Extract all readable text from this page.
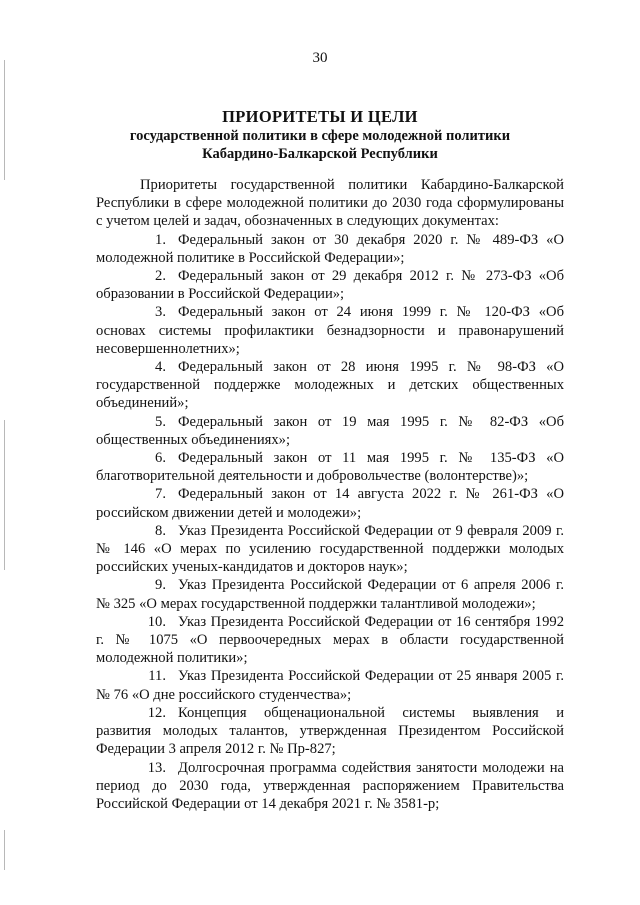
30
ПРИОРИТЕТЫ И ЦЕЛИ
государственной политики в сфере молодежной политики
Кабардино-Балкарской Республики

Приоритеты государственной политики Кабардино-Балкарской Республики в сфере молодежной политики до 2030 года сформулированы с учетом целей и задач, обозначенных в следующих документах:

1. Федеральный закон от 30 декабря 2020 г. № 489-ФЗ «О молодежной политике в Российской Федерации»;
2. Федеральный закон от 29 декабря 2012 г. № 273-ФЗ «Об образовании в Российской Федерации»;
3. Федеральный закон от 24 июня 1999 г. № 120-ФЗ «Об основах системы профилактики безнадзорности и правонарушений несовершеннолетних»;
4. Федеральный закон от 28 июня 1995 г. № 98-ФЗ «О государственной поддержке молодежных и детских общественных объединений»;
5. Федеральный закон от 19 мая 1995 г. № 82-ФЗ «Об общественных объединениях»;
6. Федеральный закон от 11 мая 1995 г. № 135-ФЗ «О благотворительной деятельности и добровольчестве (волонтерстве)»;
7. Федеральный закон от 14 августа 2022 г. № 261-ФЗ «О российском движении детей и молодежи»;
8. Указ Президента Российской Федерации от 9 февраля 2009 г. № 146 «О мерах по усилению государственной поддержки молодых российских ученых-кандидатов и докторов наук»;
9. Указ Президента Российской Федерации от 6 апреля 2006 г. № 325 «О мерах государственной поддержки талантливой молодежи»;
10. Указ Президента Российской Федерации от 16 сентября 1992 г. № 1075 «О первоочередных мерах в области государственной молодежной политики»;
11. Указ Президента Российской Федерации от 25 января 2005 г. № 76 «О дне российского студенчества»;
12. Концепция общенациональной системы выявления и развития молодых талантов, утвержденная Президентом Российской Федерации 3 апреля 2012 г. № Пр-827;
13. Долгосрочная программа содействия занятости молодежи на период до 2030 года, утвержденная распоряжением Правительства Российской Федерации от 14 декабря 2021 г. № 3581-р;
